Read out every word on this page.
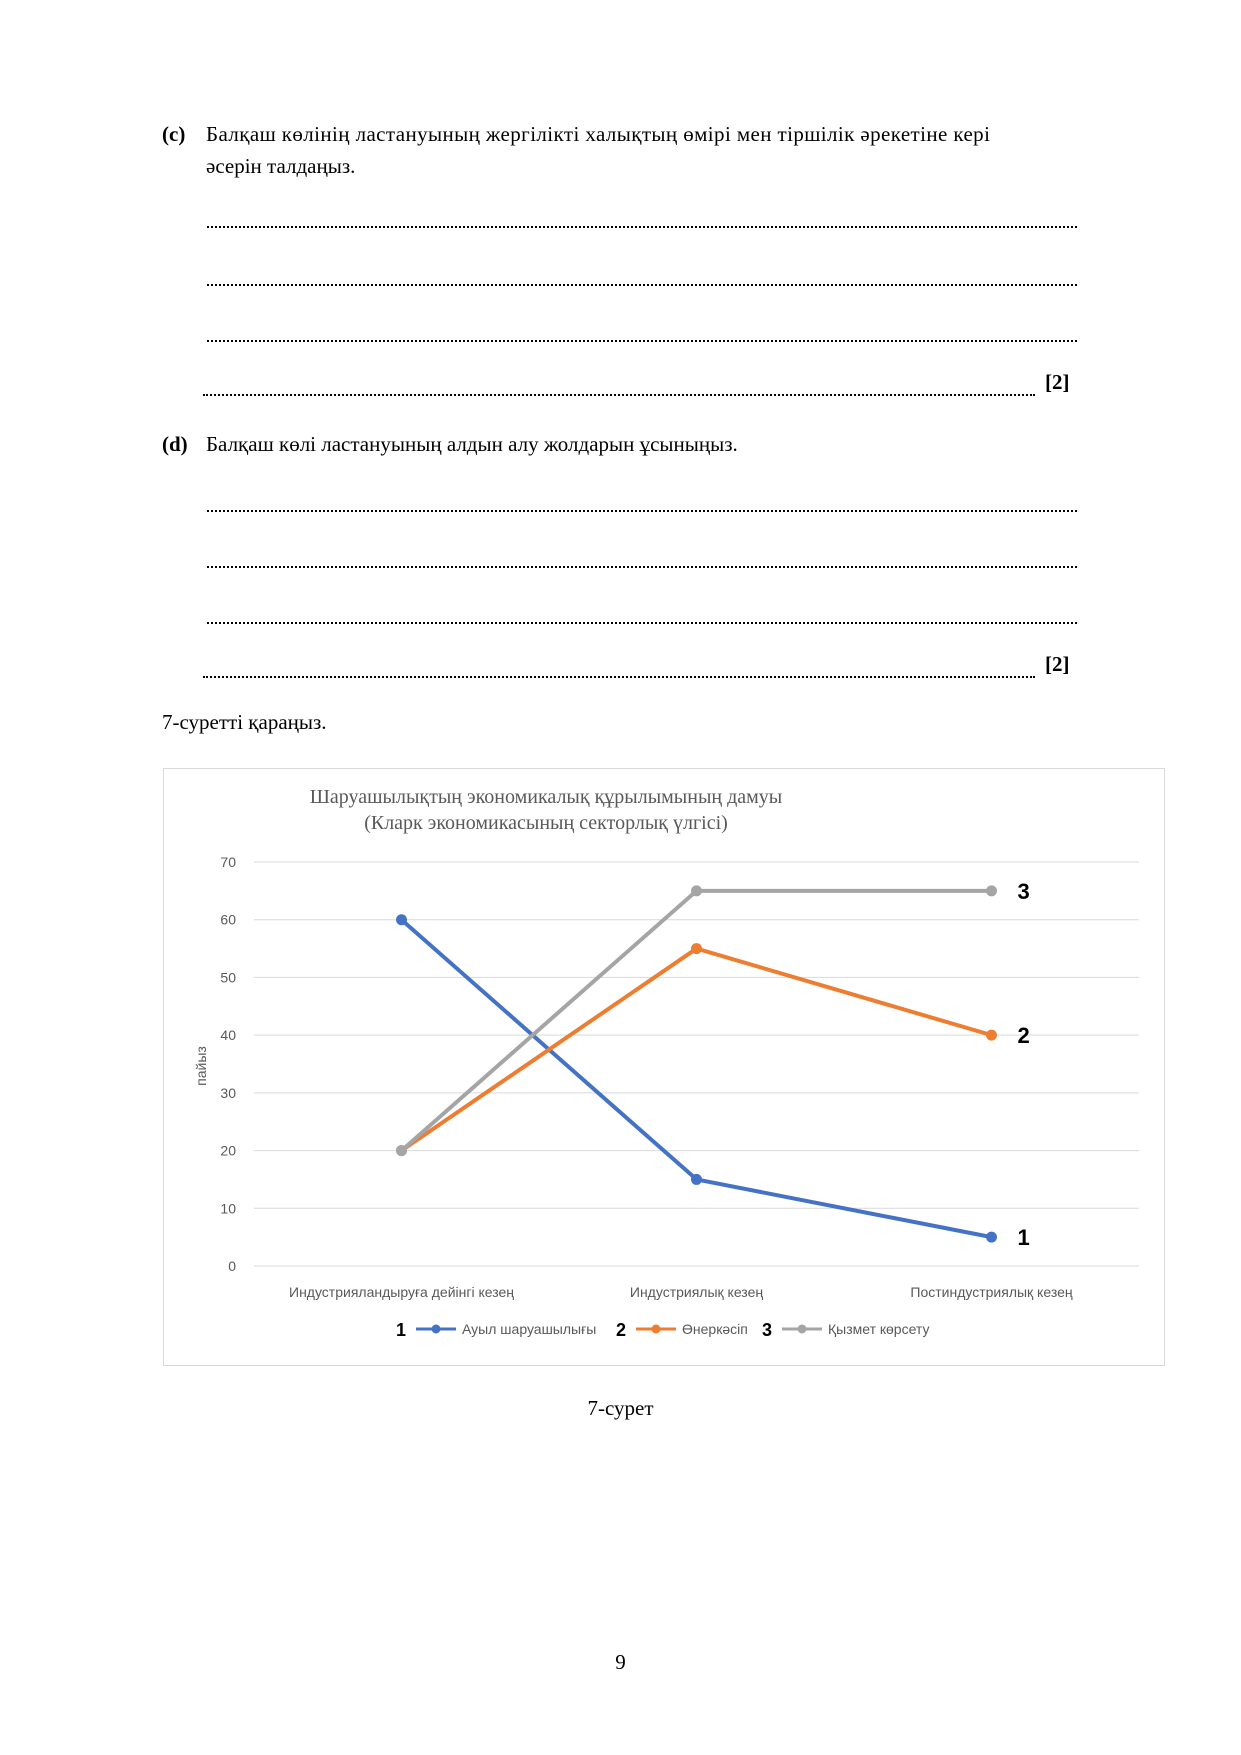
(c) Балқаш көлінің ластануының жергілікті халықтың өмірі мен тіршілік әрекетіне кері
әсерін талдаңыз.
[2]
(d) Балқаш көлі ластануының алдын алу жолдарын ұсыныңыз.
[2]
7-суретті қараңыз.
0
10
20
30
40
50
60
70
Индустрияландыруға дейінгі кезең	Индустриялық кезең	Постиндустриялық кезең
1
2
3
Шаруашылықтың экономикалық құрылымының дамуы
(Кларк экономикасының секторлық үлгісі)
пайыз
1	Ауыл шаруашылығы 2	Өнеркәсіп 3	Қызмет көрсету
7-сурет
9
